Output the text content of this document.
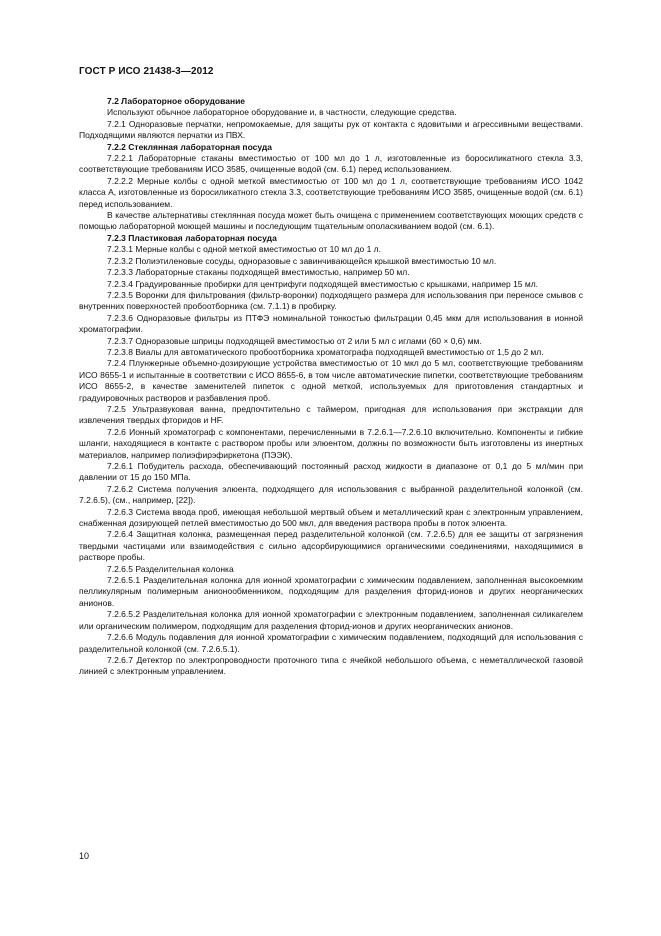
ГОСТ Р ИСО 21438-3—2012

7.2 Лабораторное оборудование

Используют обычное лабораторное оборудование и, в частности, следующие средства.

7.2.1 Одноразовые перчатки, непромокаемые, для защиты рук от контакта с ядовитыми и агрессивными веществами. Подходящими являются перчатки из ПВХ.

7.2.2 Стеклянная лабораторная посуда

7.2.2.1 Лабораторные стаканы вместимостью от 100 мл до 1 л, изготовленные из боросиликатного стекла 3.3, соответствующие требованиям ИСО 3585, очищенные водой (см. 6.1) перед использованием.

7.2.2.2 Мерные колбы с одной меткой вместимостью от 100 мл до 1 л, соответствующие требованиям ИСО 1042 класса А, изготовленные из боросиликатного стекла 3.3, соответствующие требованиям ИСО 3585, очищенные водой (см. 6.1) перед использованием.

В качестве альтернативы стеклянная посуда может быть очищена с применением соответствующих моющих средств с помощью лабораторной моющей машины и последующим тщательным ополаскиванием водой (см. 6.1).

7.2.3 Пластиковая лабораторная посуда

7.2.3.1 Мерные колбы с одной меткой вместимостью от 10 мл до 1 л.

7.2.3.2 Полиэтиленовые сосуды, одноразовые с завинчивающейся крышкой вместимостью 10 мл.

7.2.3.3 Лабораторные стаканы подходящей вместимостью, например 50 мл.

7.2.3.4 Градуированные пробирки для центрифуги подходящей вместимостью с крышками, например 15 мл.

7.2.3.5 Воронки для фильтрования (фильтр-воронки) подходящего размера для использования при переносе смывов с внутренних поверхностей пробоотборника (см. 7.1.1) в пробирку.

7.2.3.6 Одноразовые фильтры из ПТФЭ номинальной тонкостью фильтрации 0,45 мкм для использования в ионной хроматографии.

7.2.3.7 Одноразовые шприцы подходящей вместимостью от 2 или 5 мл с иглами (60 × 0,6) мм.

7.2.3.8 Виалы для автоматического пробоотборника хроматографа подходящей вместимостью от 1,5 до 2 мл.

7.2.4 Плунжерные объемно-дозирующие устройства вместимостью от 10 мкл до 5 мл, соответствующие требованиям ИСО 8655-1 и испытанные в соответствии с ИСО 8655-6, в том числе автоматические пипетки, соответствующие требованиям ИСО 8655-2, в качестве заменителей пипеток с одной меткой, используемых для приготовления стандартных и градуировочных растворов и разбавления проб.

7.2.5 Ультразвуковая ванна, предпочтительно с таймером, пригодная для использования при экстракции для извлечения твердых фторидов и HF.

7.2.6 Ионный хроматограф с компонентами, перечисленными в 7.2.6.1—7.2.6.10 включительно. Компоненты и гибкие шланги, находящиеся в контакте с раствором пробы или элюентом, должны по возможности быть изготовлены из инертных материалов, например полиэфирэфиркетона (ПЭЭК).

7.2.6.1 Побудитель расхода, обеспечивающий постоянный расход жидкости в диапазоне от 0,1 до 5 мл/мин при давлении от 15 до 150 МПа.

7.2.6.2 Система получения элюента, подходящего для использования с выбранной разделительной колонкой (см. 7.2.6.5), (см., например, [22]).

7.2.6.3 Система ввода проб, имеющая небольшой мертвый объем и металлический кран с электронным управлением, снабженная дозирующей петлей вместимостью до 500 мкл, для введения раствора пробы в поток элюента.

7.2.6.4 Защитная колонка, размещенная перед разделительной колонкой (см. 7.2.6.5) для ее защиты от загрязнения твердыми частицами или взаимодействия с сильно адсорбирующимися органическими соединениями, находящимися в растворе пробы.

7.2.6.5 Разделительная колонка

7.2.6.5.1 Разделительная колонка для ионной хроматографии с химическим подавлением, заполненная высокоемким пелликулярным полимерным анионообменником, подходящим для разделения фторид-ионов и других неорганических анионов.

7.2.6.5.2 Разделительная колонка для ионной хроматографии с электронным подавлением, заполненная силикагелем или органическим полимером, подходящим для разделения фторид-ионов и других неорганических анионов.

7.2.6.6 Модуль подавления для ионной хроматографии с химическим подавлением, подходящий для использования с разделительной колонкой (см. 7.2.6.5.1).

7.2.6.7 Детектор по электропроводности проточного типа с ячейкой небольшого объема, с неметаллической газовой линией с электронным управлением.

10
